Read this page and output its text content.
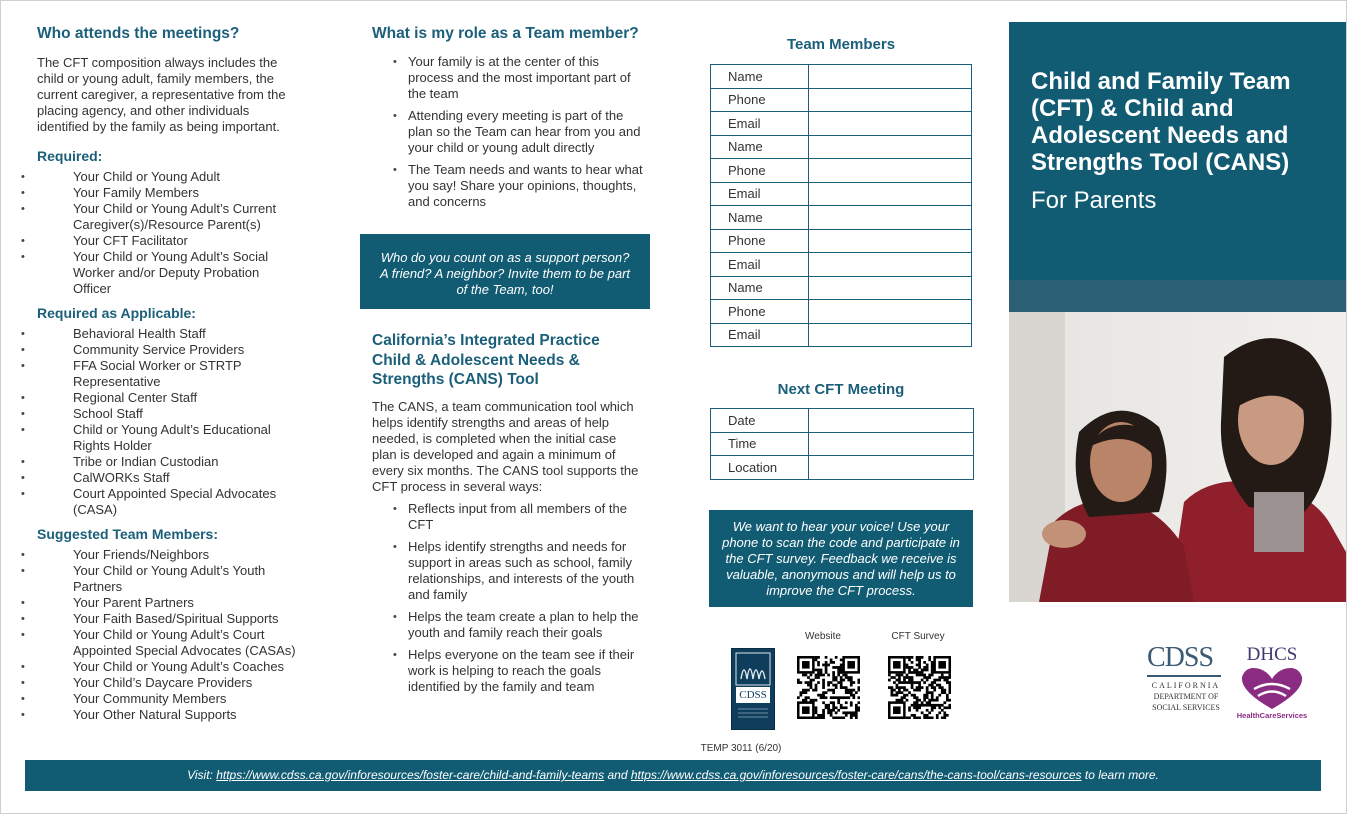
Who attends the meetings?

The CFT composition always includes the child or young adult, family members, the current caregiver, a representative from the placing agency, and other individuals identified by the family as being important.

Required:
• Your Child or Young Adult
• Your Family Members
• Your Child or Young Adult’s Current Caregiver(s)/Resource Parent(s)
• Your CFT Facilitator
• Your Child or Young Adult’s Social Worker and/or Deputy Probation Officer
Required as Applicable:
• Behavioral Health Staff
• Community Service Providers
• FFA Social Worker or STRTP Representative
• Regional Center Staff
• School Staff
• Child or Young Adult’s Educational Rights Holder
• Tribe or Indian Custodian
• CalWORKs Staff
• Court Appointed Special Advocates (CASA)
Suggested Team Members:
• Your Friends/Neighbors
• Your Child or Young Adult’s Youth Partners
• Your Parent Partners
• Your Faith Based/Spiritual Supports
• Your Child or Young Adult’s Court Appointed Special Advocates (CASAs)
• Your Child or Young Adult’s Coaches
• Your Child’s Daycare Providers
• Your Community Members
• Your Other Natural Supports
What is my role as a Team member?
• Your family is at the center of this process and the most important part of the team
• Attending every meeting is part of the plan so the Team can hear from you and your child or young adult directly
• The Team needs and wants to hear what you say! Share your opinions, thoughts, and concerns
Who do you count on as a support person? A friend? A neighbor? Invite them to be part of the Team, too!
California’s Integrated Practice Child & Adolescent Needs & Strengths (CANS) Tool

The CANS, a team communication tool which helps identify strengths and areas of help needed, is completed when the initial case plan is developed and again a minimum of every six months. The CANS tool supports the CFT process in several ways:

• Reflects input from all members of the CFT
• Helps identify strengths and needs for support in areas such as school, family relationships, and interests of the youth and family
• Helps the team create a plan to help the youth and family reach their goals
• Helps everyone on the team see if their work is helping to reach the goals identified by the family and team
Team Members
Name	
Phone	
Email	
Name	
Phone	
Email	
Name	
Phone	
Email	
Name	
Phone	
Email	
Next CFT Meeting
Date	
Time	
Location	
We want to hear your voice! Use your phone to scan the code and participate in the CFT survey. Feedback we receive is valuable, anonymous and will help us to improve the CFT process.
CDSS
Website	CFT Survey
TEMP 3011 (6/20)
Child and Family Team (CFT) & Child and Adolescent Needs and Strengths Tool (CANS)
For Parents
CDSS
CALIFORNIA
DEPARTMENT OF
SOCIAL SERVICES
DHCS
HealthCareServices
Visit: https://www.cdss.ca.gov/inforesources/foster-care/child-and-family-teams and https://www.cdss.ca.gov/inforesources/foster-care/cans/the-cans-tool/cans-resources to learn more.
